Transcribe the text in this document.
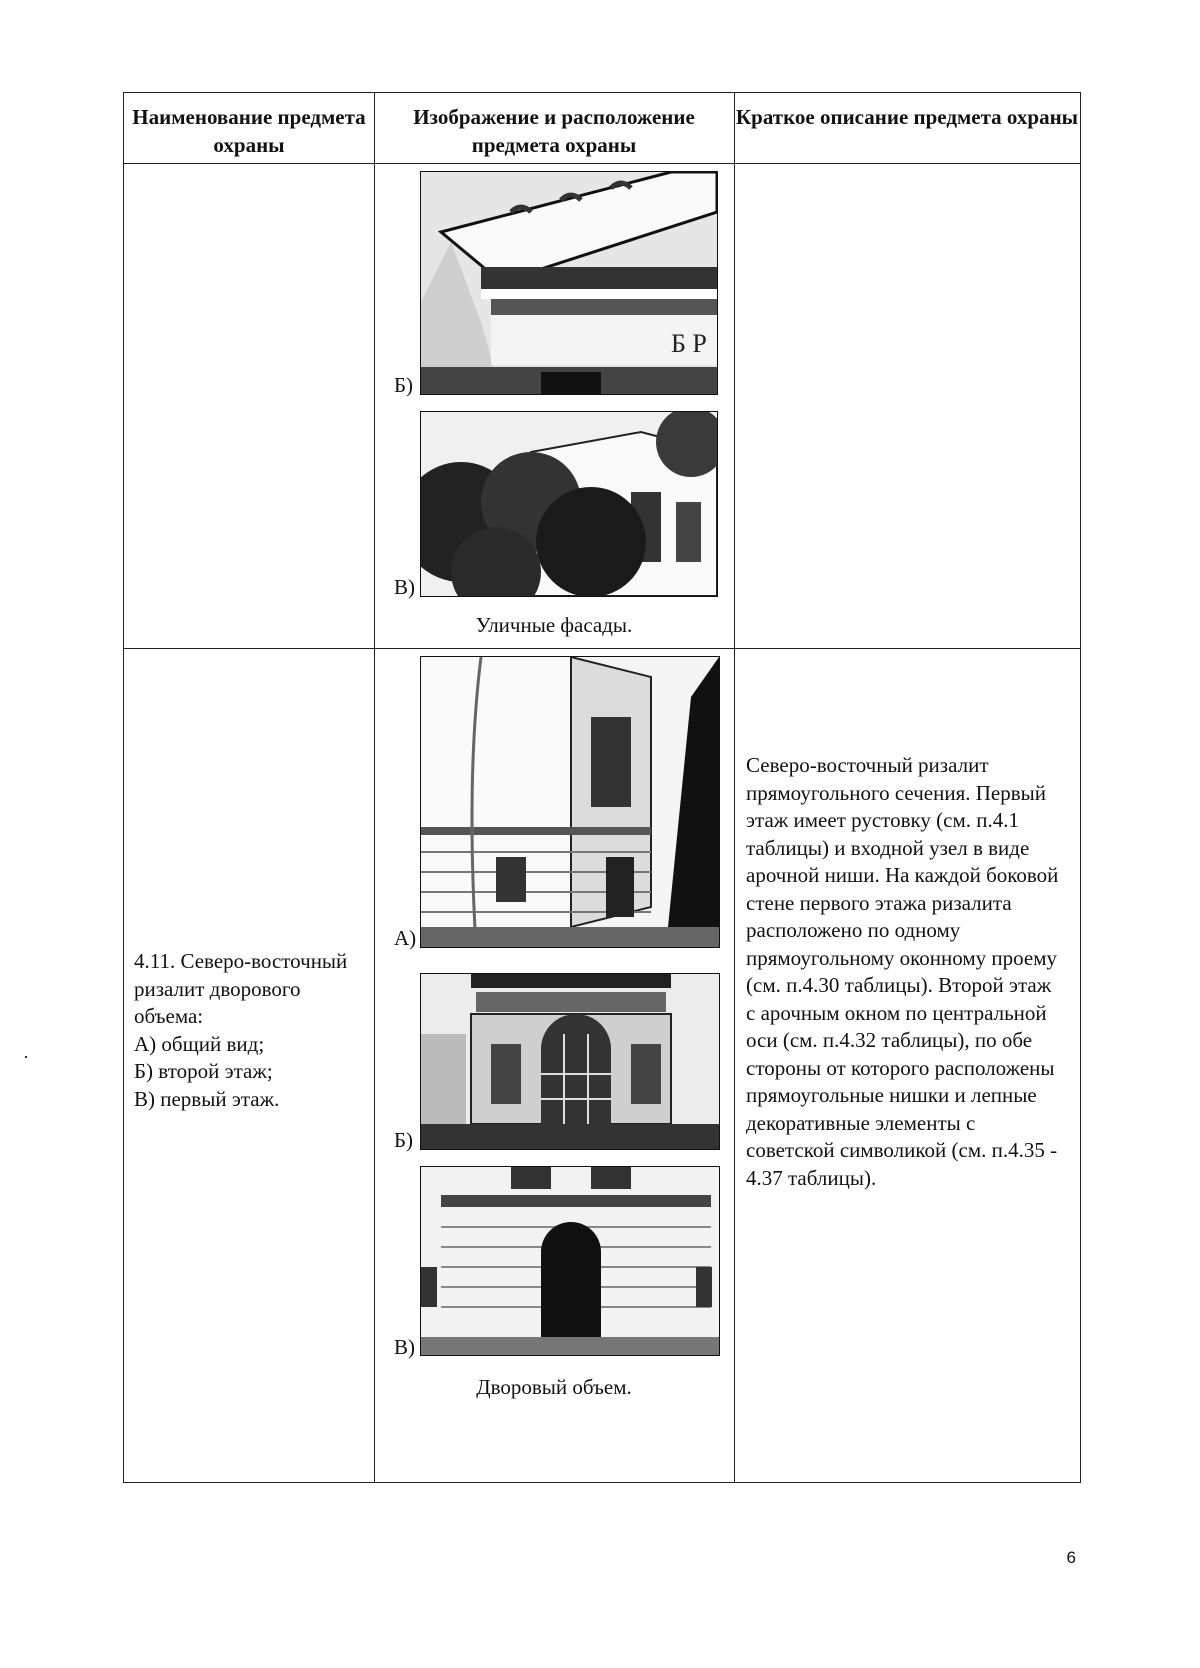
Наименование предмета охраны
Изображение и расположение предмета охраны
Краткое описание предмета охраны
Б Р
Б)
В)
Уличные фасады.
4.11. Северо-восточный ризалит дворового объема:
А) общий вид;
Б) второй этаж;
В) первый этаж.
А)
Б)
В)
Дворовый объем.
Северо-восточный ризалит прямоугольного сечения. Первый этаж имеет рустовку (см. п.4.1 таблицы) и входной узел в виде арочной ниши. На каждой боковой стене первого этажа ризалита расположено по одному прямоугольному оконному проему (см. п.4.30 таблицы). Второй этаж с арочным окном по центральной оси (см. п.4.32 таблицы), по обе стороны от которого расположены прямоугольные нишки и лепные декоративные элементы с советской символикой (см. п.4.35 - 4.37 таблицы).
6
